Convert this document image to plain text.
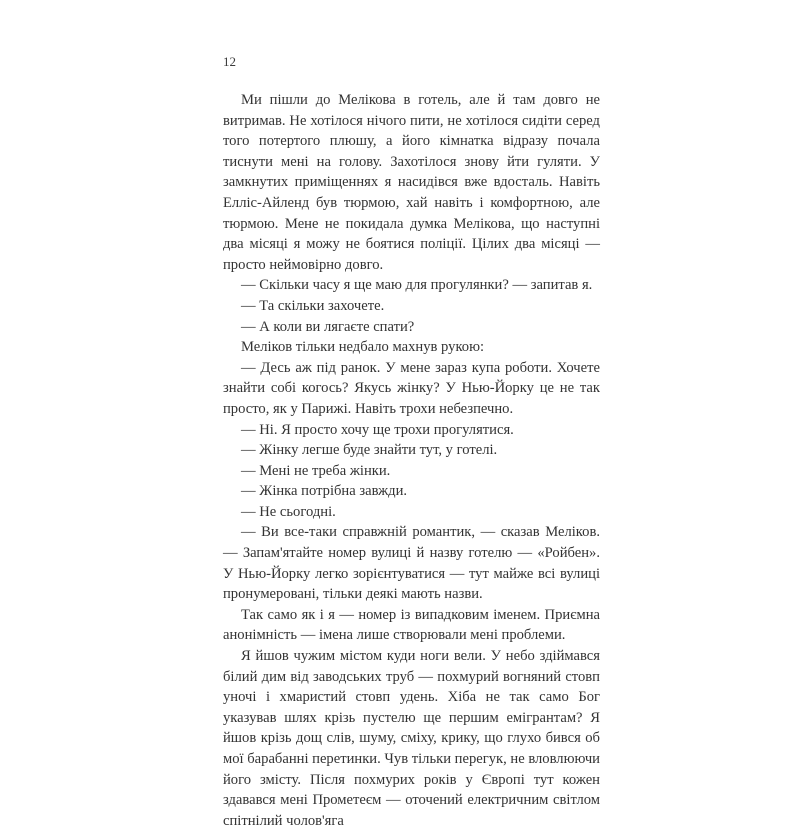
12

Ми пішли до Мелікова в готель, але й там довго не витримав. Не хотілося нічого пити, не хотілося сидіти серед того потертого плюшу, а його кімнатка відразу почала тиснути мені на голову. Захотілося знову йти гуляти. У замкнутих приміщеннях я насидівся вже вдосталь. Навіть Елліс-Айленд був тюрмою, хай навіть і комфортною, але тюрмою. Мене не покидала думка Мелікова, що наступні два місяці я можу не боятися поліції. Цілих два місяці — просто неймовірно довго.

— Скільки часу я ще маю для прогулянки? — запитав я.

— Та скільки захочете.

— А коли ви лягаєте спати?

Меліков тільки недбало махнув рукою:

— Десь аж під ранок. У мене зараз купа роботи. Хочете знайти собі когось? Якусь жінку? У Нью-Йорку це не так просто, як у Парижі. Навіть трохи небезпечно.

— Ні. Я просто хочу ще трохи прогулятися.

— Жінку легше буде знайти тут, у готелі.

— Мені не треба жінки.

— Жінка потрібна завжди.

— Не сьогодні.

— Ви все-таки справжній романтик, — сказав Меліков. — Запам'ятайте номер вулиці й назву готелю — «Ройбен». У Нью-Йорку легко зорієнтуватися — тут майже всі вулиці пронумеровані, тільки деякі мають назви.

Так само як і я — номер із випадковим іменем. Приємна анонімність — імена лише створювали мені проблеми.

Я йшов чужим містом куди ноги вели. У небо здіймався білий дим від заводських труб — похмурий вогняний стовп уночі і хмаристий стовп удень. Хіба не так само Бог указував шлях крізь пустелю ще першим емігрантам? Я йшов крізь дощ слів, шуму, сміху, крику, що глухо бився об мої барабанні перетинки. Чув тільки перегук, не вловлюючи його змісту. Після похмурих років у Європі тут кожен здавався мені Прометеєм — оточений електричним світлом спітнілий чолов'яга
